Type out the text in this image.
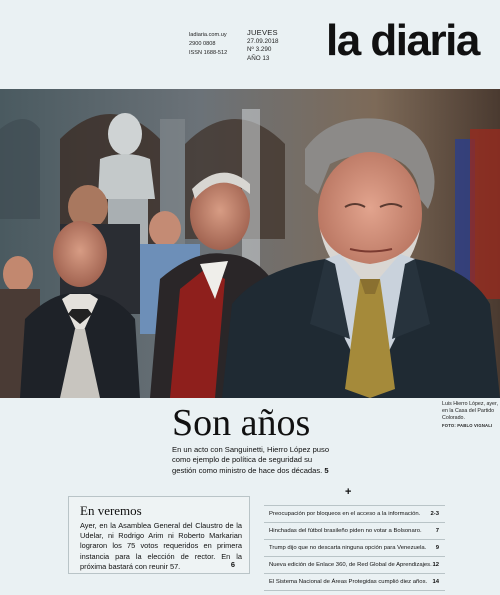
ladiaria.com.uy
2900 0808
ISSN 1688-512
JUEVES
27.09.2018
Nº 3.290
AÑO 13 la diaria
Luis Hierro López, ayer, en la Casa del Partido Colorado.
FOTO: PABLO VIGNALI
Son años
En un acto con Sanguinetti, Hierro López puso como ejemplo de política de seguridad su gestión como ministro de hace dos décadas. 5
En veremos

Ayer, en la Asamblea General del Claustro de la Udelar, ni Rodrigo Arim ni Roberto Markarian lograron los 75 votos requeridos en primera instancia para la elección de rector. En la próxima bastará con reunir 57.	6
+
Preocupación por bloqueos en el acceso a la información. 2-3
Hinchadas del fútbol brasileño piden no votar a Bolsonaro. 7
Trump dijo que no descarta ninguna opción para Venezuela. 9
Nueva edición de Enlace 360, de Red Global de Aprendizajes. 12
El Sistema Nacional de Áreas Protegidas cumplió diez años. 14
